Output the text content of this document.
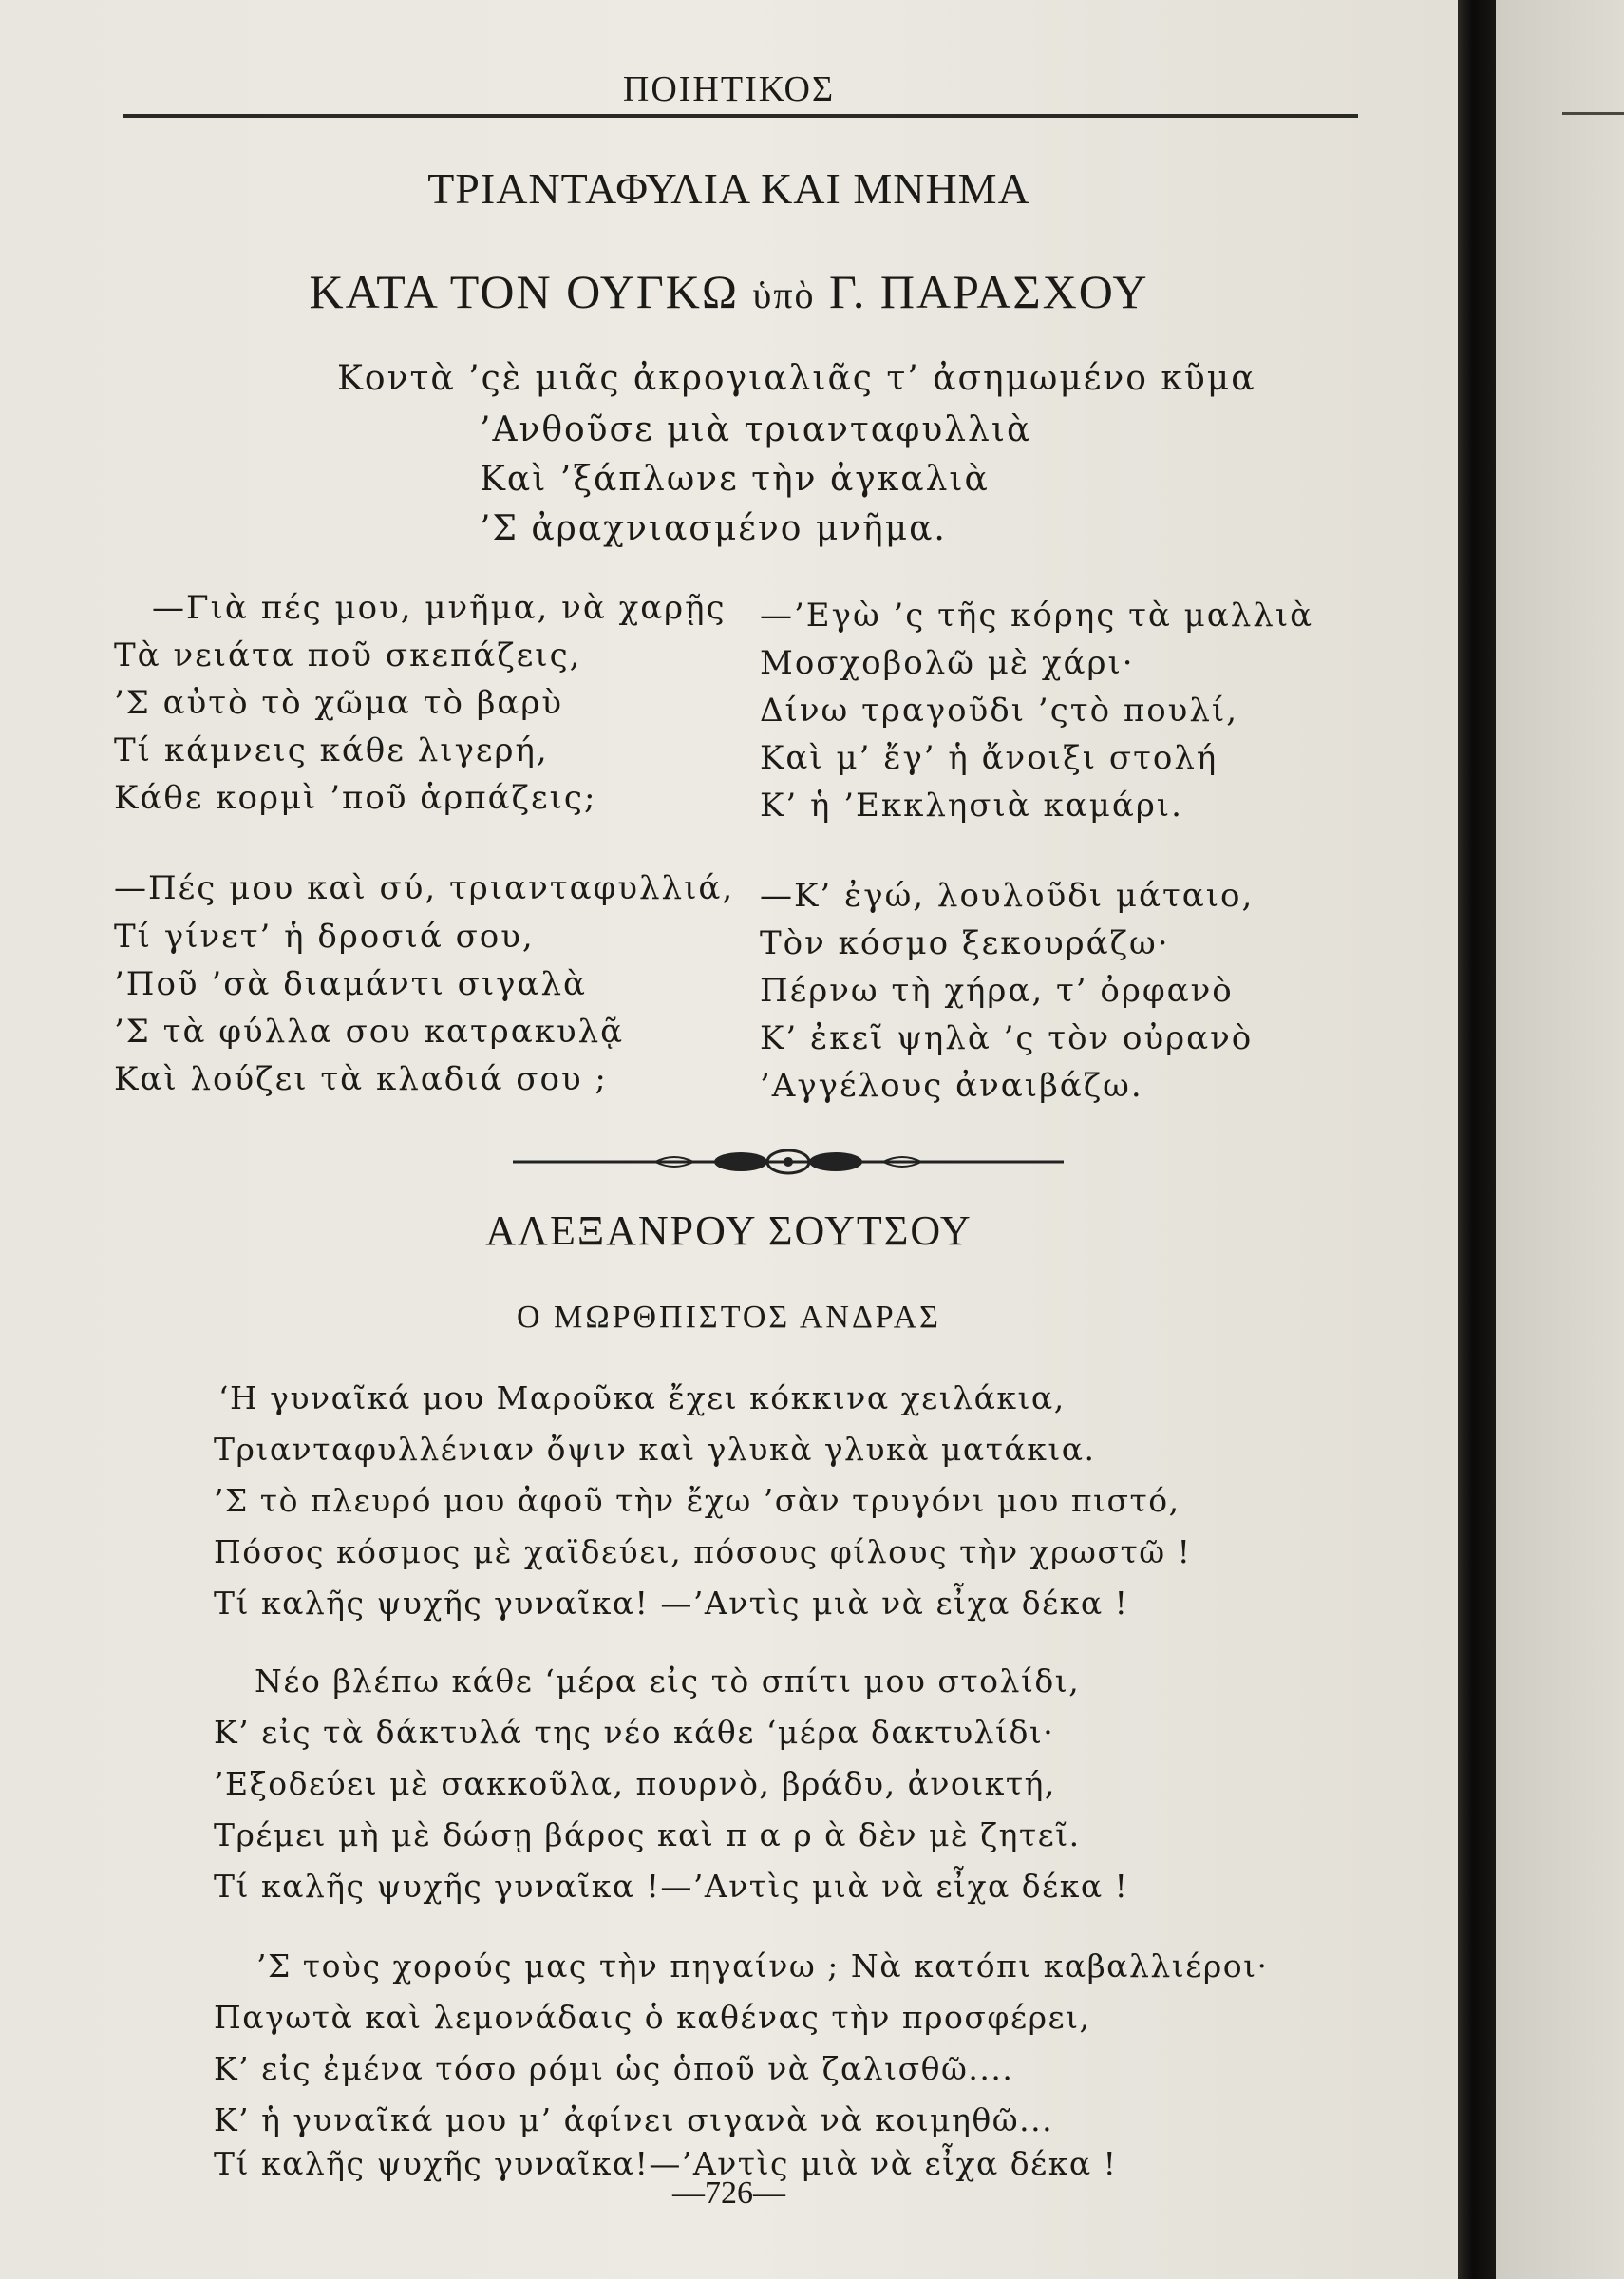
ΠΟΙΗΤΙΚΟΣ
ΤΡΙΑΝΤΑΦΥΛΙΑ ΚΑΙ ΜΝΗΜΑ
ΚΑΤΑ ΤΟΝ ΟΥΓΚΩ ὑπὸ Γ. ΠΑΡΑΣΧΟΥ
Κοντὰ ’ςὲ μιᾶς ἀκρογιαλιᾶς τ’ ἀσημωμένο κῦμα
’Ανθοῦσε μιὰ τριανταφυλλιὰ
Καὶ ’ξάπλωνε τὴν ἀγκαλιὰ
’Σ ἀραχνιασμένο μνῆμα.
—Γιὰ πές μου, μνῆμα, νὰ χαρῇς
Τὰ νειάτα ποῦ σκεπάζεις,
’Σ αὐτὸ τὸ χῶμα τὸ βαρὺ
Τί κάμνεις κάθε λιγερή,
Κάθε κορμὶ ’ποῦ ἁρπάζεις;
—’Εγὼ ’ς τῆς κόρης τὰ μαλλιὰ
Μοσχοβολῶ μὲ χάρι·
Δίνω τραγοῦδι ’ςτὸ πουλί,
Καὶ μ’ ἔγ’ ἡ ἄνοιξι στολή
Κ’ ἡ ’Εκκλησιὰ καμάρι.
—Πές μου καὶ σύ, τριανταφυλλιά,
Τί γίνετ’ ἡ δροσιά σου,
’Ποῦ ’σὰ διαμάντι σιγαλὰ
’Σ τὰ φύλλα σου κατρακυλᾷ
Καὶ λούζει τὰ κλαδιά σου ;
—Κ’ ἐγώ, λουλοῦδι μάταιο,
Τὸν κόσμο ξεκουράζω·
Πέρνω τὴ χήρα, τ’ ὀρφανὸ
Κ’ ἐκεῖ ψηλὰ ’ς τὸν οὐρανὸ
’Αγγέλους ἀναιβάζω.
ΑΛΕΞΑΝΡΟΥ ΣΟΥΤΣΟΥ
Ο ΜΩΡΘΠΙΣΤΟΣ ΑΝΔΡΑΣ
‘Η γυναῖκά μου Μαροῦκα ἔχει κόκκινα χειλάκια,
Τριανταφυλλένιαν ὄψιν καὶ γλυκὰ γλυκὰ ματάκια.
’Σ τὸ πλευρό μου ἀφοῦ τὴν ἔχω ’σὰν τρυγόνι μου πιστό,
Πόσος κόσμος μὲ χαϊδεύει, πόσους φίλους τὴν χρωστῶ !
Τί καλῆς ψυχῆς γυναῖκα! —’Αντὶς μιὰ νὰ εἶχα δέκα !
Νέο βλέπω κάθε ‘μέρα εἰς τὸ σπίτι μου στολίδι,
Κ’ εἰς τὰ δάκτυλά της νέο κάθε ‘μέρα δακτυλίδι·
’Εξοδεύει μὲ σακκοῦλα, πουρνὸ, βράδυ, ἀνοικτή,
Τρέμει μὴ μὲ δώσῃ βάρος καὶ π α ρ ὰ δὲν μὲ ζητεῖ.
Τί καλῆς ψυχῆς γυναῖκα !—’Αντὶς μιὰ νὰ εἶχα δέκα !
’Σ τοὺς χορούς μας τὴν πηγαίνω ; Νὰ κατόπι καβαλλιέροι·
Παγωτὰ καὶ λεμονάδαις ὁ καθένας τὴν προσφέρει,
Κ’ εἰς ἐμένα τόσο ρόμι ὡς ὁποῦ νὰ ζαλισθῶ....
Κ’ ἡ γυναῖκά μου μ’ ἀφίνει σιγανὰ νὰ κοιμηθῶ...
Τί καλῆς ψυχῆς γυναῖκα!—’Αντὶς μιὰ νὰ εἶχα δέκα !
—726—
